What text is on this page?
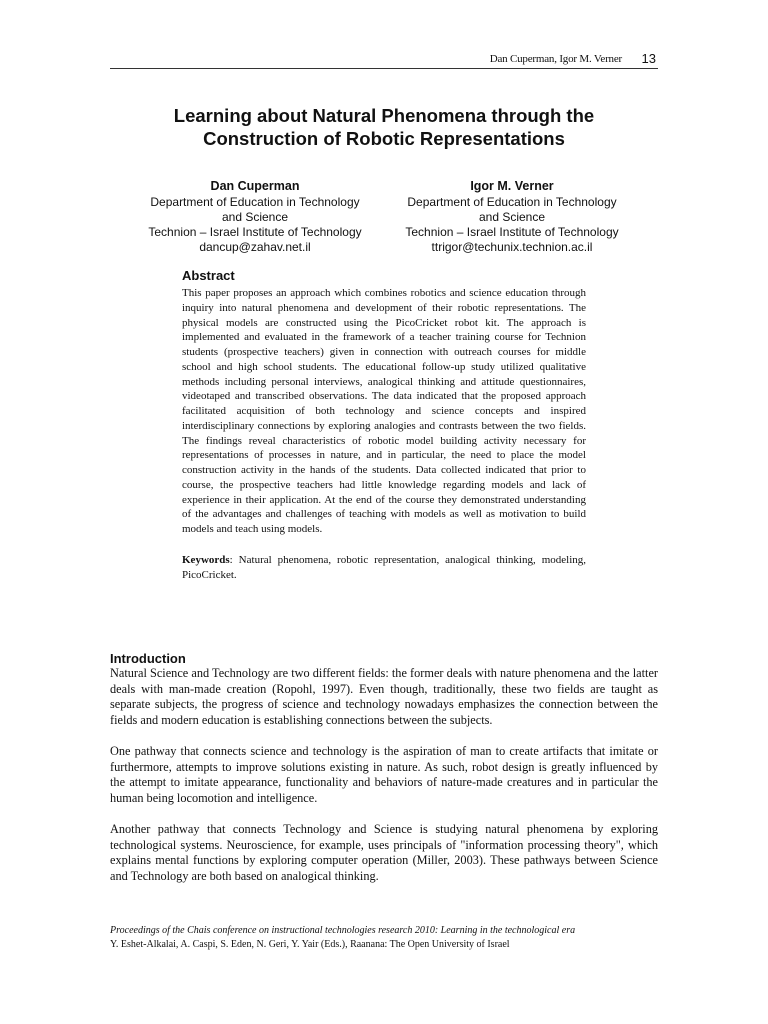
Dan Cuperman, Igor M. Verner 13
Learning about Natural Phenomena through the
Construction of Robotic Representations
Dan Cuperman
Department of Education in Technology
and Science
Technion – Israel Institute of Technology
dancup@zahav.net.il
Igor M. Verner
Department of Education in Technology
and Science
Technion – Israel Institute of Technology
ttrigor@techunix.technion.ac.il
Abstract
This paper proposes an approach which combines robotics and science education through inquiry into natural phenomena and development of their robotic representations. The physical models are constructed using the PicoCricket robot kit. The approach is implemented and evaluated in the framework of a teacher training course for Technion students (prospective teachers) given in connection with outreach courses for middle school and high school students. The educational follow-up study utilized qualitative methods including personal interviews, analogical thinking and attitude questionnaires, videotaped and transcribed observations. The data indicated that the proposed approach facilitated acquisition of both technology and science concepts and inspired interdisciplinary connections by exploring analogies and contrasts between the two fields. The findings reveal characteristics of robotic model building activity necessary for representations of processes in nature, and in particular, the need to place the model construction activity in the hands of the students. Data collected indicated that prior to course, the prospective teachers had little knowledge regarding models and lack of experience in their application. At the end of the course they demonstrated understanding of the advantages and challenges of teaching with models as well as motivation to build models and teach using models.
Keywords: Natural phenomena, robotic representation, analogical thinking, modeling, PicoCricket.
Introduction

Natural Science and Technology are two different fields: the former deals with nature phenomena and the latter deals with man-made creation (Ropohl, 1997). Even though, traditionally, these two fields are taught as separate subjects, the progress of science and technology nowadays emphasizes the connection between the fields and modern education is establishing connections between the subjects.

One pathway that connects science and technology is the aspiration of man to create artifacts that imitate or furthermore, attempts to improve solutions existing in nature. As such, robot design is greatly influenced by the attempt to imitate appearance, functionality and behaviors of nature-made creatures and in particular the human being locomotion and intelligence.

Another pathway that connects Technology and Science is studying natural phenomena by exploring technological systems. Neuroscience, for example, uses principals of "information processing theory", which explains mental functions by exploring computer operation (Miller, 2003). These pathways between Science and Technology are both based on analogical thinking.

Proceedings of the Chais conference on instructional technologies research 2010: Learning in the technological era
Y. Eshet-Alkalai, A. Caspi, S. Eden, N. Geri, Y. Yair (Eds.), Raanana: The Open University of Israel
